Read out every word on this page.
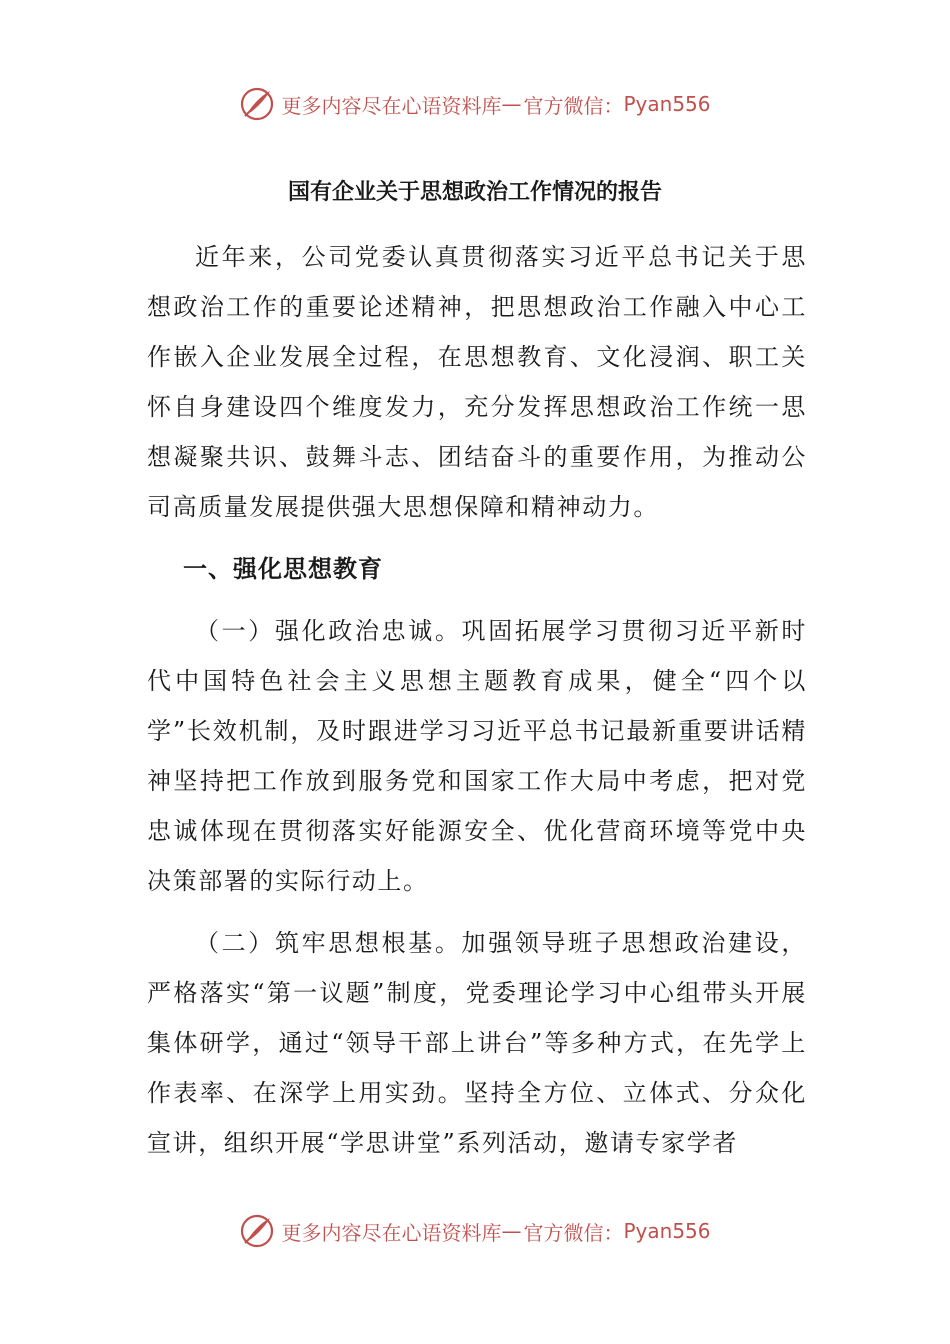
更多内容尽在心语资料库 — 官方微信： Pyan556
国有企业关于思想政治工作情况的报告

近年来，公司党委认真贯彻落实习近平总书记关于思想政治工作的重要论述精神，把思想政治工作融入中心工作嵌入企业发展全过程，在思想教育、文化浸润、职工关怀自身建设四个维度发力，充分发挥思想政治工作统一思想凝聚共识、鼓舞斗志、团结奋斗的重要作用，为推动公司高质量发展提供强大思想保障和精神动力。

一、强化思想教育

（一）强化政治忠诚。巩固拓展学习贯彻习近平新时代中国特色社会主义思想主题教育成果，健全“四个以学”长效机制，及时跟进学习习近平总书记最新重要讲话精神坚持把工作放到服务党和国家工作大局中考虑，把对党忠诚体现在贯彻落实好能源安全、优化营商环境等党中央决策部署的实际行动上。

（二）筑牢思想根基。加强领导班子思想政治建设，严格落实“第一议题”制度，党委理论学习中心组带头开展集体研学，通过“领导干部上讲台”等多种方式，在先学上作表率、在深学上用实劲。坚持全方位、立体式、分众化宣讲，组织开展“学思讲堂”系列活动，邀请专家学者

更多内容尽在心语资料库 — 官方微信： Pyan556
